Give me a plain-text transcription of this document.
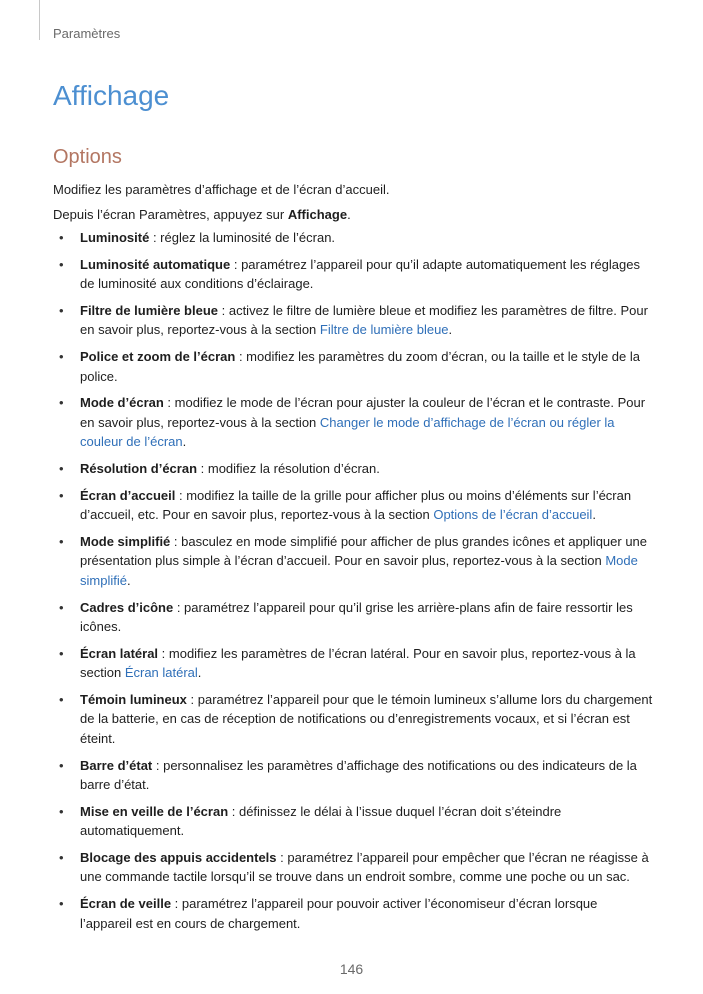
Paramètres
Affichage
Options

Modifiez les paramètres d’affichage et de l’écran d’accueil.

Depuis l’écran Paramètres, appuyez sur Affichage.

• Luminosité : réglez la luminosité de l’écran.
• Luminosité automatique : paramétrez l’appareil pour qu’il adapte automatiquement les réglages de luminosité aux conditions d’éclairage.
• Filtre de lumière bleue : activez le filtre de lumière bleue et modifiez les paramètres de filtre. Pour en savoir plus, reportez-vous à la section Filtre de lumière bleue.
• Police et zoom de l’écran : modifiez les paramètres du zoom d’écran, ou la taille et le style de la police.
• Mode d’écran : modifiez le mode de l’écran pour ajuster la couleur de l’écran et le contraste. Pour en savoir plus, reportez-vous à la section Changer le mode d’affichage de l’écran ou régler la couleur de l’écran.
• Résolution d’écran : modifiez la résolution d’écran.
• Écran d’accueil : modifiez la taille de la grille pour afficher plus ou moins d’éléments sur l’écran d’accueil, etc. Pour en savoir plus, reportez-vous à la section Options de l’écran d’accueil.
• Mode simplifié : basculez en mode simplifié pour afficher de plus grandes icônes et appliquer une présentation plus simple à l’écran d’accueil. Pour en savoir plus, reportez-vous à la section Mode simplifié.
• Cadres d’icône : paramétrez l’appareil pour qu’il grise les arrière-plans afin de faire ressortir les icônes.
• Écran latéral : modifiez les paramètres de l’écran latéral. Pour en savoir plus, reportez-vous à la section Écran latéral.
• Témoin lumineux : paramétrez l’appareil pour que le témoin lumineux s’allume lors du chargement de la batterie, en cas de réception de notifications ou d’enregistrements vocaux, et si l’écran est éteint.
• Barre d’état : personnalisez les paramètres d’affichage des notifications ou des indicateurs de la barre d’état.
• Mise en veille de l’écran : définissez le délai à l’issue duquel l’écran doit s’éteindre automatiquement.
• Blocage des appuis accidentels : paramétrez l’appareil pour empêcher que l’écran ne réagisse à une commande tactile lorsqu’il se trouve dans un endroit sombre, comme une poche ou un sac.
• Écran de veille : paramétrez l’appareil pour pouvoir activer l’économiseur d’écran lorsque l’appareil est en cours de chargement.
146
